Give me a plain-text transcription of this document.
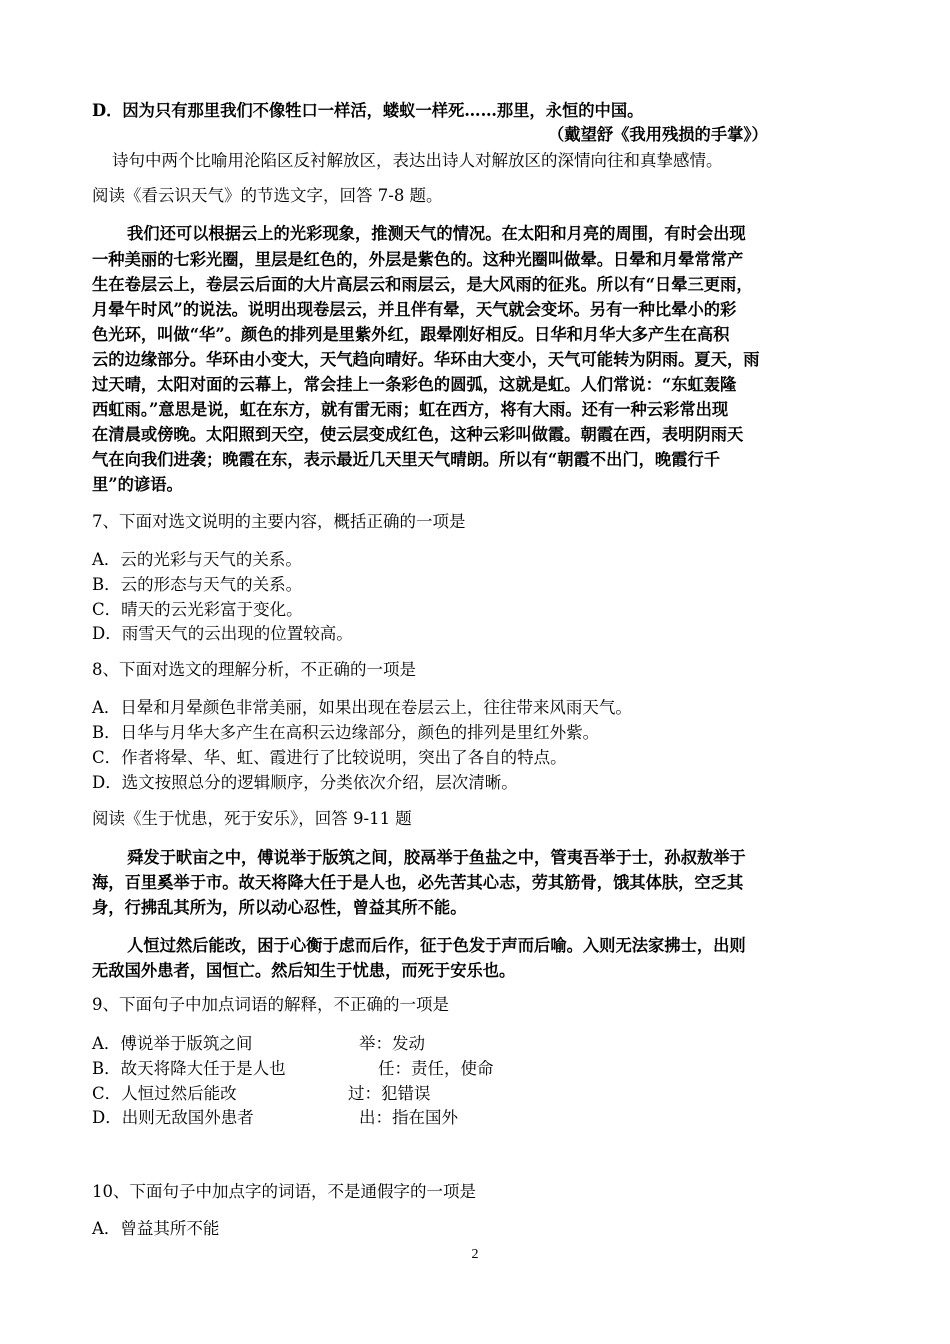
D．因为只有那里我们不像牲口一样活，蝼蚁一样死……那里，永恒的中国。
（戴望舒《我用残损的手掌》）
诗句中两个比喻用沦陷区反衬解放区，表达出诗人对解放区的深情向往和真挚感情。
阅读《看云识天气》的节选文字，回答 7-8 题。
我们还可以根据云上的光彩现象，推测天气的情况。在太阳和月亮的周围，有时会出现
一种美丽的七彩光圈，里层是红色的，外层是紫色的。这种光圈叫做晕。日晕和月晕常常产
生在卷层云上，卷层云后面的大片高层云和雨层云，是大风雨的征兆。所以有“日晕三更雨，
月晕午时风”的说法。说明出现卷层云，并且伴有晕，天气就会变坏。另有一种比晕小的彩
色光环，叫做“华”。颜色的排列是里紫外红，跟晕刚好相反。日华和月华大多产生在高积
云的边缘部分。华环由小变大，天气趋向晴好。华环由大变小，天气可能转为阴雨。夏天，雨
过天晴，太阳对面的云幕上，常会挂上一条彩色的圆弧，这就是虹。人们常说：“东虹轰隆
西虹雨。”意思是说，虹在东方，就有雷无雨；虹在西方，将有大雨。还有一种云彩常出现
在清晨或傍晚。太阳照到天空，使云层变成红色，这种云彩叫做霞。朝霞在西，表明阴雨天
气在向我们进袭；晚霞在东，表示最近几天里天气晴朗。所以有“朝霞不出门，晚霞行千
里”的谚语。
7、下面对选文说明的主要内容，概括正确的一项是
A．云的光彩与天气的关系。
B．云的形态与天气的关系。
C．晴天的云光彩富于变化。
D．雨雪天气的云出现的位置较高。
8、下面对选文的理解分析，不正确的一项是
A．日晕和月晕颜色非常美丽，如果出现在卷层云上，往往带来风雨天气。
B．日华与月华大多产生在高积云边缘部分，颜色的排列是里红外紫。
C．作者将晕、华、虹、霞进行了比较说明，突出了各自的特点。
D．选文按照总分的逻辑顺序，分类依次介绍，层次清晰。
阅读《生于忧患，死于安乐》，回答 9-11 题
舜发于畎亩之中，傅说举于版筑之间，胶鬲举于鱼盐之中，管夷吾举于士，孙叔敖举于
海，百里奚举于市。故天将降大任于是人也，必先苦其心志，劳其筋骨，饿其体肤，空乏其
身，行拂乱其所为，所以动心忍性，曾益其所不能。
人恒过然后能改，困于心衡于虑而后作，征于色发于声而后喻。入则无法家拂士，出则
无敌国外患者，国恒亡。然后知生于忧患，而死于安乐也。
9、下面句子中加点词语的解释，不正确的一项是
A．傅说举于版筑之间	举：发动
B．故天将降大任于是人也	任：责任，使命
C．人恒过然后能改	过：犯错误
D．出则无敌国外患者	出：指在国外
10、下面句子中加点字的词语，不是通假字的一项是
A．曾益其所不能
2
